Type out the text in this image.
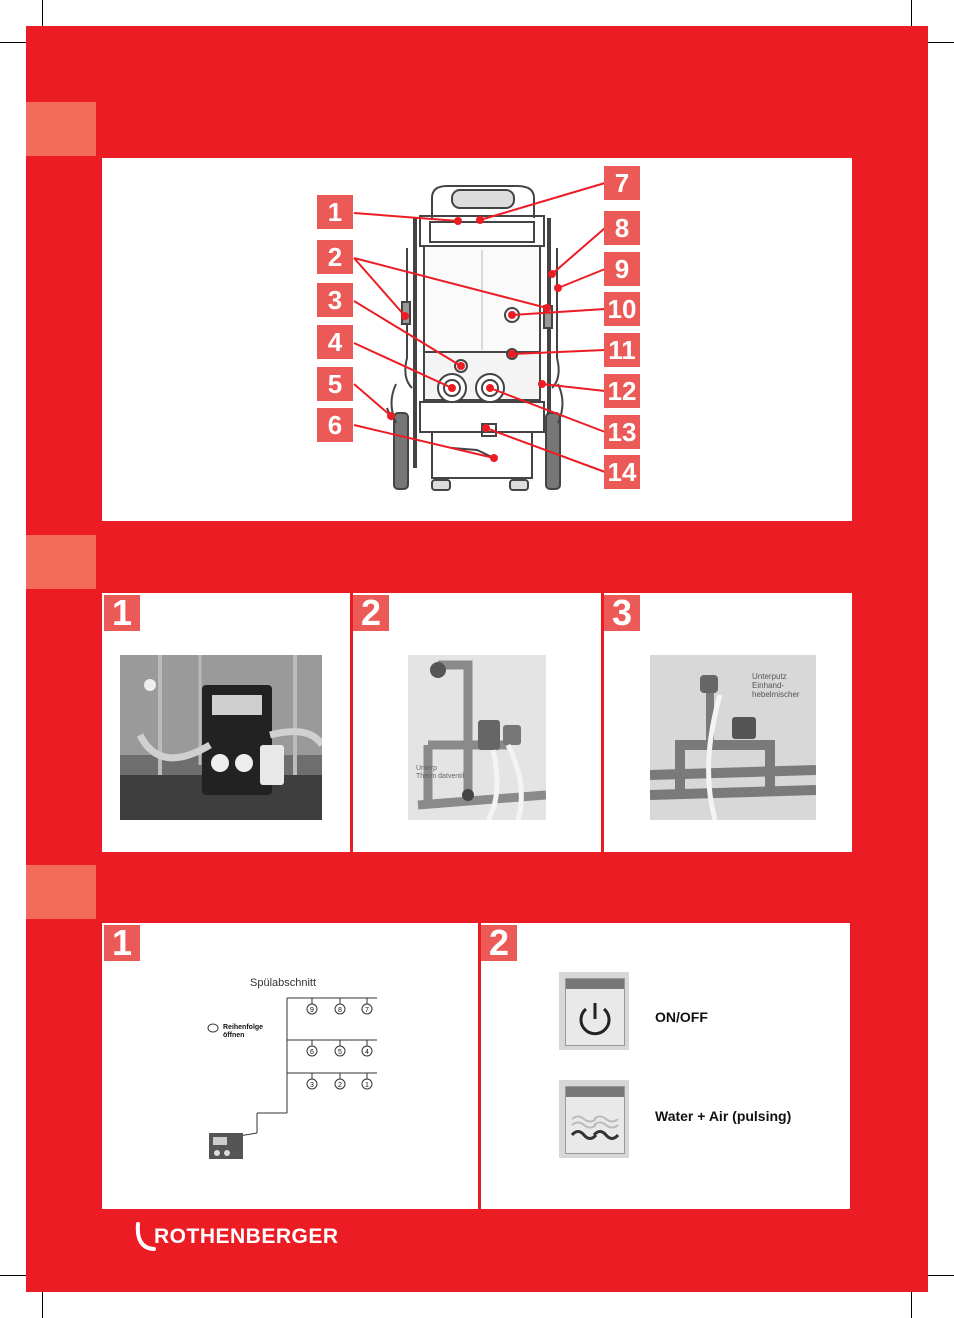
1
2
3
4
5
6
7
8
9
10
11
12
13
14
1	2	3
Unterp
Therm datventil
Unterputz
Einhand-
hebelmischer
1	2
9	8	7
6	5	4
3	2	1
Spülabschnitt
Reihenfolge
öffnen
ON/OFF
Water + Air (pulsing)
ROTHENBERGER
